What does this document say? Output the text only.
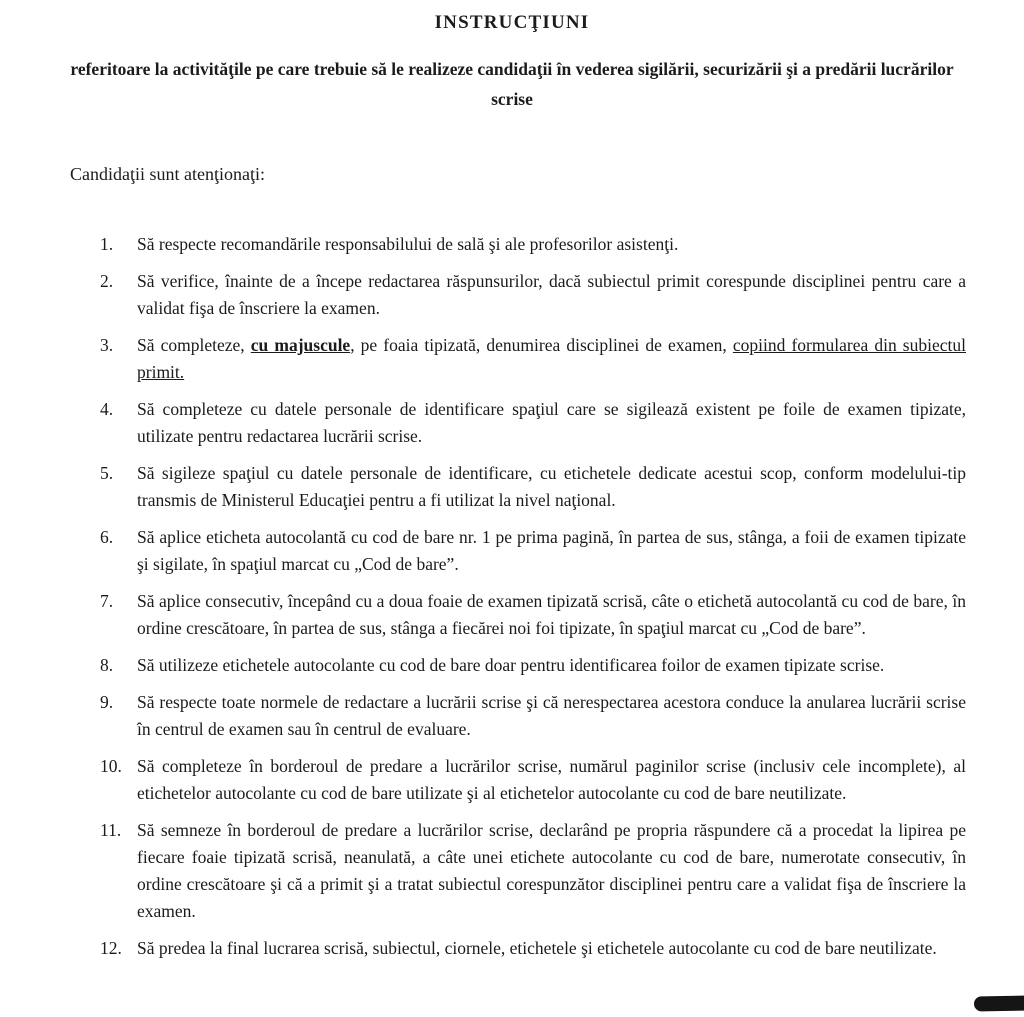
INSTRUCŢIUNI
referitoare la activităţile pe care trebuie să le realizeze candidaţii în vederea sigilării, securizării şi a predării lucrărilor scrise
Candidaţii sunt atenţionaţi:
1.	Să respecte recomandările responsabilului de sală şi ale profesorilor asistenţi.
2.	Să verifice, înainte de a începe redactarea răspunsurilor, dacă subiectul primit corespunde disciplinei pentru care a validat fişa de înscriere la examen.
3.	Să completeze, cu majuscule, pe foaia tipizată, denumirea disciplinei de examen, copiind formularea din subiectul primit.
4.	Să completeze cu datele personale de identificare spaţiul care se sigilează existent pe foile de examen tipizate, utilizate pentru redactarea lucrării scrise.
5.	Să sigileze spaţiul cu datele personale de identificare, cu etichetele dedicate acestui scop, conform modelului-tip transmis de Ministerul Educaţiei pentru a fi utilizat la nivel naţional.
6.	Să aplice eticheta autocolantă cu cod de bare nr. 1 pe prima pagină, în partea de sus, stânga, a foii de examen tipizate şi sigilate, în spaţiul marcat cu „Cod de bare”.
7.	Să aplice consecutiv, începând cu a doua foaie de examen tipizată scrisă, câte o etichetă autocolantă cu cod de bare, în ordine crescătoare, în partea de sus, stânga a fiecărei noi foi tipizate, în spaţiul marcat cu „Cod de bare”.
8.	Să utilizeze etichetele autocolante cu cod de bare doar pentru identificarea foilor de examen tipizate scrise.
9.	Să respecte toate normele de redactare a lucrării scrise şi că nerespectarea acestora conduce la anularea lucrării scrise în centrul de examen sau în centrul de evaluare.
10. Să completeze în borderoul de predare a lucrărilor scrise, numărul paginilor scrise (inclusiv cele incomplete), al etichetelor autocolante cu cod de bare utilizate şi al etichetelor autocolante cu cod de bare neutilizate.
11. Să semneze în borderoul de predare a lucrărilor scrise, declarând pe propria răspundere că a procedat la lipirea pe fiecare foaie tipizată scrisă, neanulată, a câte unei etichete autocolante cu cod de bare, numerotate consecutiv, în ordine crescătoare şi că a primit şi a tratat subiectul corespunzător disciplinei pentru care a validat fişa de înscriere la examen.
12. Să predea la final lucrarea scrisă, subiectul, ciornele, etichetele şi etichetele autocolante cu cod de bare neutilizate.
